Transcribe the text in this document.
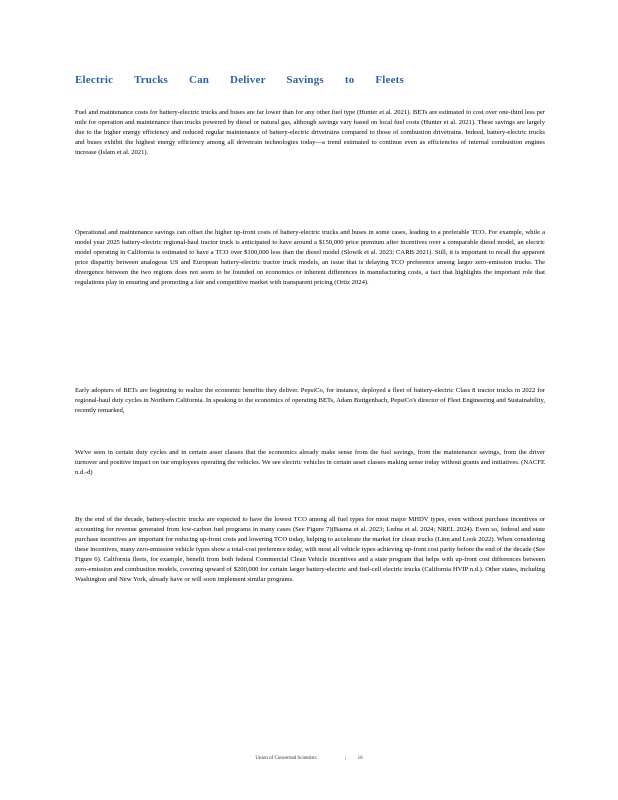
Electric Trucks Can Deliver Savings to Fleets

Fuel and maintenance costs for battery-electric trucks and buses are far lower than for any other fuel type (Hunter et al. 2021). BETs are estimated to cost over one-third less per mile for operation and maintenance than trucks powered by diesel or natural gas, although savings vary based on local fuel costs (Hunter et al. 2021). These savings are largely due to the higher energy efficiency and reduced regular maintenance of battery-electric drivetrains compared to those of combustion drivetrains. Indeed, battery-electric trucks and buses exhibit the highest energy efficiency among all drivetrain technologies today—a trend estimated to continue even as efficiencies of internal combustion engines increase (Islam et al. 2021).

Operational and maintenance savings can offset the higher up-front costs of battery-electric trucks and buses in some cases, leading to a preferable TCO. For example, while a model year 2025 battery-electric regional-haul tractor truck is anticipated to have around a $150,000 price premium after incentives over a comparable diesel model, an electric model operating in California is estimated to have a TCO over $100,000 less than the diesel model (Slowik et al. 2023; CARB 2021). Still, it is important to recall the apparent price disparity between analogous US and European battery-electric tractor truck models, an issue that is delaying TCO preference among larger zero-emission trucks. The divergence between the two regions does not seem to be founded on economics or inherent differences in manufacturing costs, a fact that highlights the important role that regulations play in ensuring and promoting a fair and competitive market with transparent pricing (Ortiz 2024).

Early adopters of BETs are beginning to realize the economic benefits they deliver. PepsiCo, for instance, deployed a fleet of battery-electric Class 8 tractor trucks in 2022 for regional-haul duty cycles in Northern California. In speaking to the economics of operating BETs, Adam Buttgenbach, PepsiCo's director of Fleet Engineering and Sustainability, recently remarked,

We've seen in certain duty cycles and in certain asset classes that the economics already make sense from the fuel savings, from the maintenance savings, from the driver turnover and positive impact on our employees operating the vehicles. We see electric vehicles in certain asset classes making sense today without grants and initiatives. (NACFE n.d.-d)

By the end of the decade, battery-electric trucks are expected to have the lowest TCO among all fuel types for most major MHDV types, even without purchase incentives or accounting for revenue generated from low-carbon fuel programs in many cases (See Figure 7)(Basma et al. 2023; Ledna et al. 2024; NREL 2024). Even so, federal and state purchase incentives are important for reducing up-front costs and lowering TCO today, helping to accelerate the market for clean trucks (Linn and Look 2022). When considering these incentives, many zero-emission vehicle types show a total-cost preference today, with most all vehicle types achieving up-front cost parity before the end of the decade (See Figure 6). California fleets, for example, benefit from both federal Commercial Clean Vehicle incentives and a state program that helps with up-front cost differences between zero-emission and combustion models, covering upward of $200,000 for certain larger battery-electric and fuel-cell electric trucks (California HVIP n.d.). Other states, including Washington and New York, already have or will soon implement similar programs.

Union of Concerned Scientists	| 16
